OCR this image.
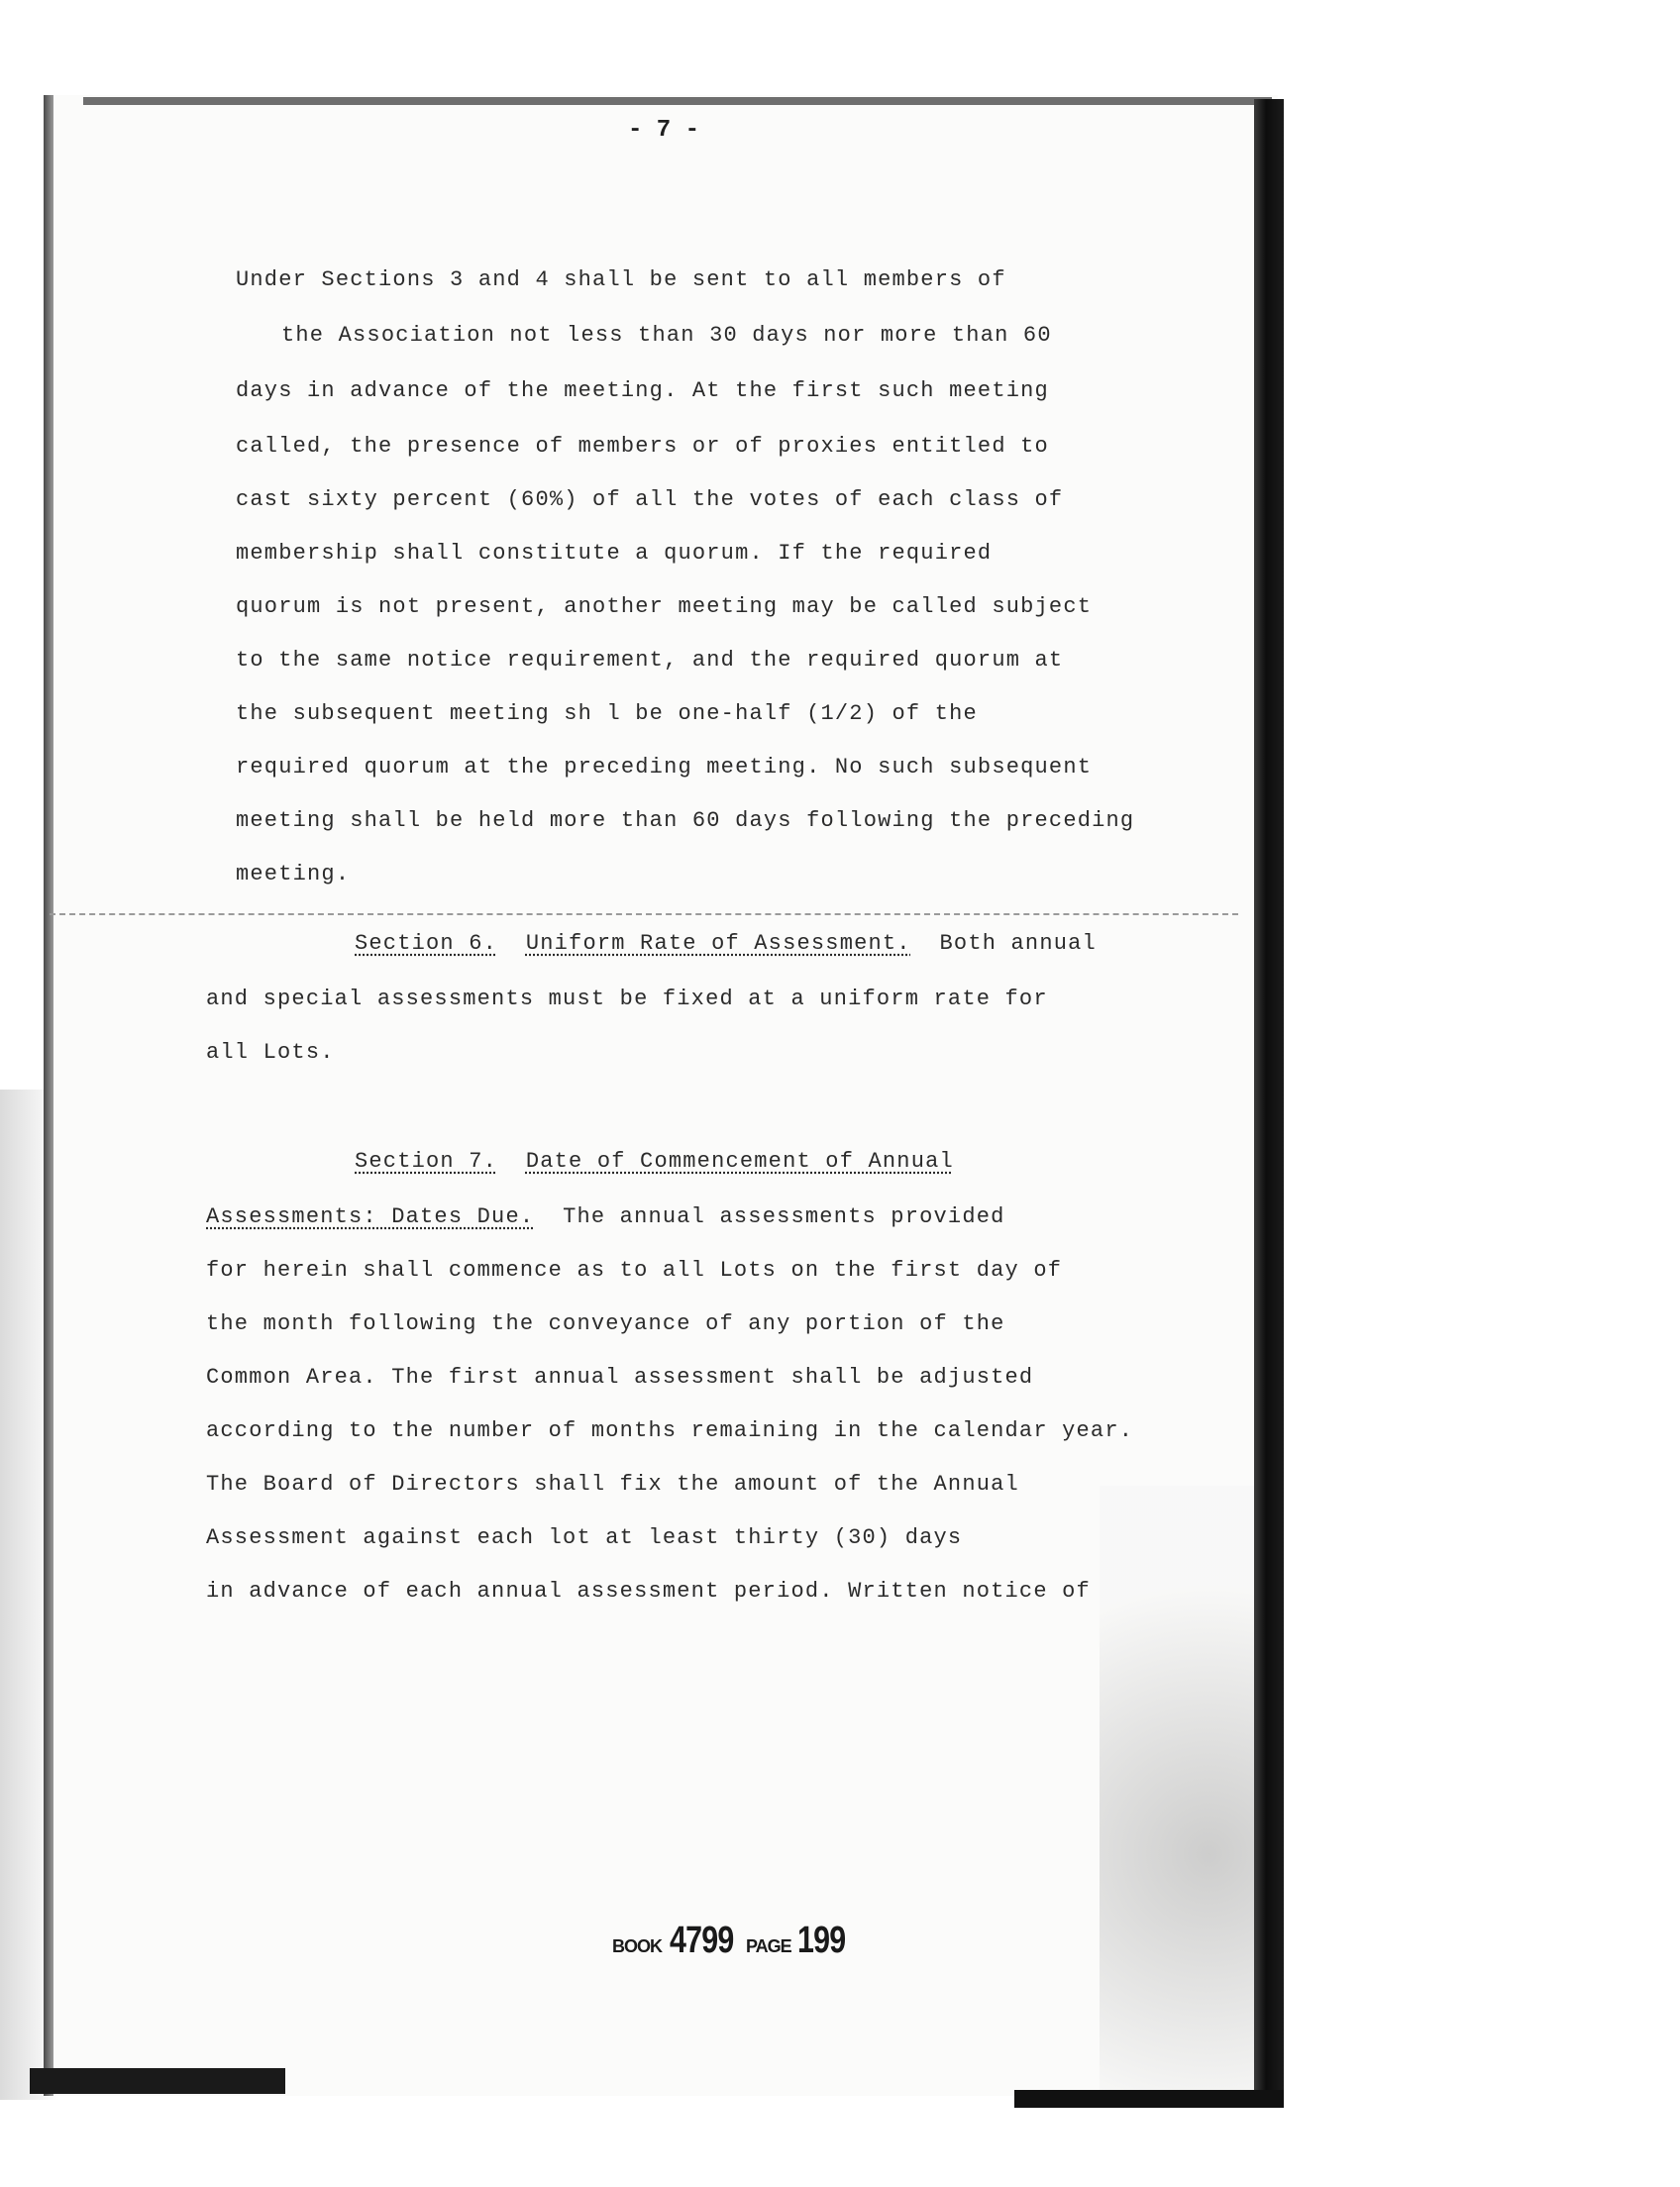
- 7 -
Under Sections 3 and 4 shall be sent to all members of
the Association not less than 30 days nor more than 60
days in advance of the meeting. At the first such meeting
called, the presence of members or of proxies entitled to
cast sixty percent (60%) of all the votes of each class of
membership shall constitute a quorum. If the required
quorum is not present, another meeting may be called subject
to the same notice requirement, and the required quorum at
the subsequent meeting sh l be one-half (1/2) of the
required quorum at the preceding meeting. No such subsequent
meeting shall be held more than 60 days following the preceding
meeting.
Section 6. Uniform Rate of Assessment. Both annual
and special assessments must be fixed at a uniform rate for
all Lots.
Section 7. Date of Commencement of Annual
Assessments: Dates Due. The annual assessments provided
for herein shall commence as to all Lots on the first day of
the month following the conveyance of any portion of the
Common Area. The first annual assessment shall be adjusted
according to the number of months remaining in the calendar year.
The Board of Directors shall fix the amount of the Annual
Assessment against each lot at least thirty (30) days
in advance of each annual assessment period. Written notice of
BOOK 4799 PAGE 199
